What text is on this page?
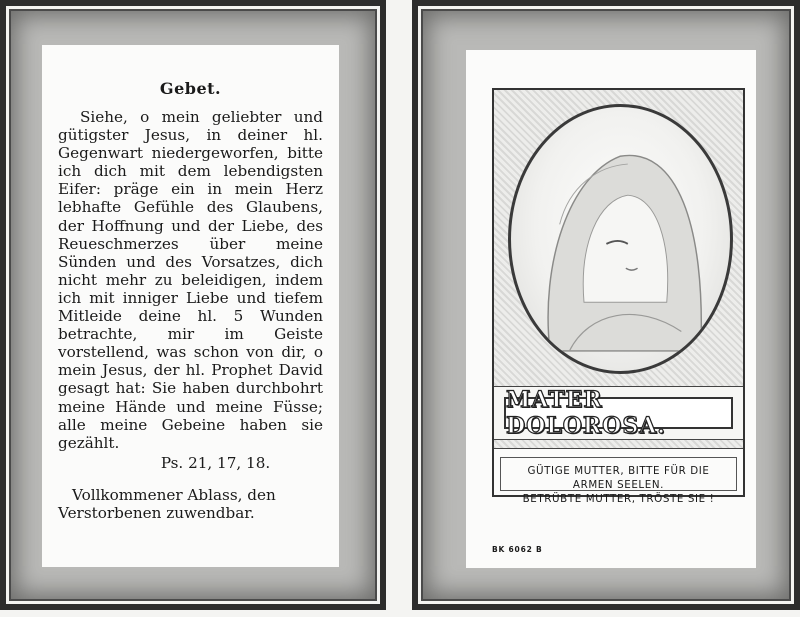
Gebet.

Siehe, o mein geliebter und gütigster Jesus, in deiner hl. Gegenwart niedergeworfen, bitte ich dich mit dem lebendigsten Eifer: präge ein in mein Herz lebhafte Gefühle des Glaubens, der Hoffnung und der Liebe, des Reueschmerzes über meine Sünden und des Vorsatzes, dich nicht mehr zu beleidigen, indem ich mit inniger Liebe und tiefem Mitleide deine hl. 5 Wunden betrachte, mir im Geiste vorstellend, was schon von dir, o mein Jesus, der hl. Prophet David gesagt hat: Sie haben durchbohrt meine Hände und meine Füsse; alle meine Gebeine haben sie gezählt.

Ps. 21, 17, 18.

Vollkommener Ablass, den Verstorbenen zuwendbar.

MATER DOLOROSA.
GÜTIGE MUTTER, BITTE FÜR DIE
ARMEN SEELEN.
BETRÜBTE MUTTER, TRÖSTE SIE !
BK 6062 B
